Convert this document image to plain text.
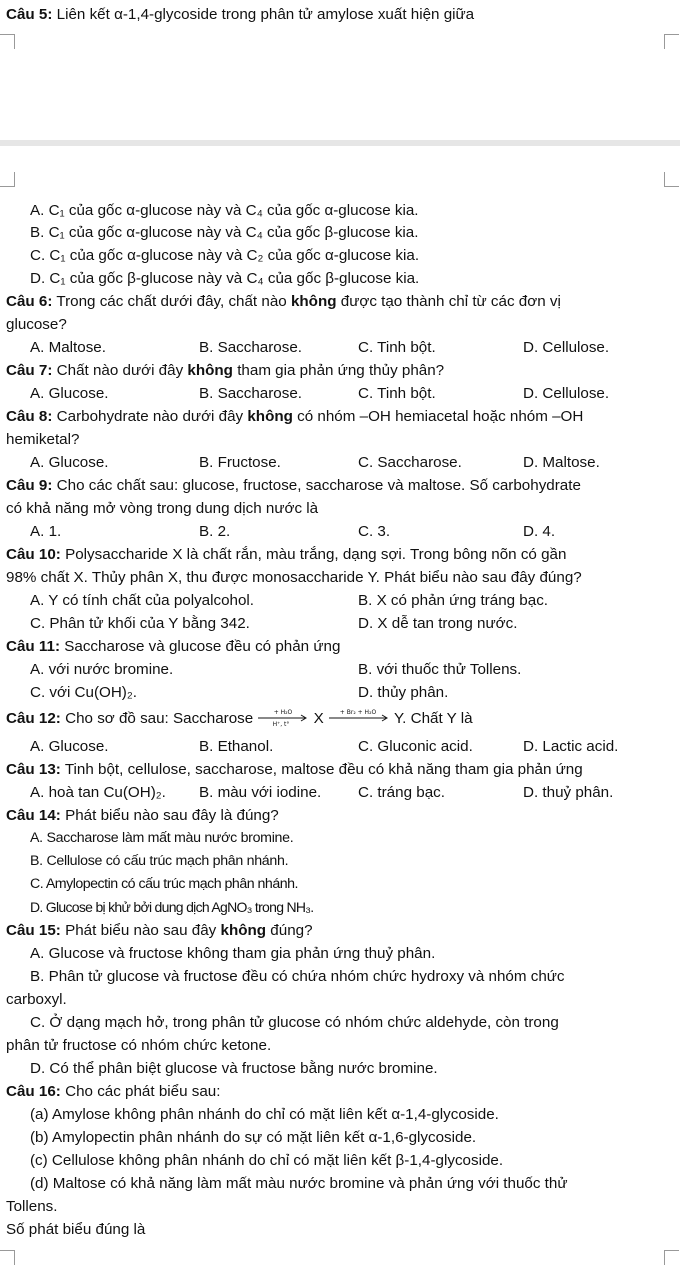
Câu 5: Liên kết α-1,4-glycoside trong phân tử amylose xuất hiện giữa
A. C₁ của gốc α-glucose này và C₄ của gốc α-glucose kia.
B. C₁ của gốc α-glucose này và C₄ của gốc β-glucose kia.
C. C₁ của gốc α-glucose này và C₂ của gốc α-glucose kia.
D. C₁ của gốc β-glucose này và C₄ của gốc β-glucose kia.
Câu 6: Trong các chất dưới đây, chất nào không được tạo thành chỉ từ các đơn vị
glucose?
A. Maltose.	B. Saccharose.	C. Tinh bột.	D. Cellulose.
Câu 7: Chất nào dưới đây không tham gia phản ứng thủy phân?
A. Glucose.	B. Saccharose.	C. Tinh bột.	D. Cellulose.
Câu 8: Carbohydrate nào dưới đây không có nhóm –OH hemiacetal hoặc nhóm –OH
hemiketal?
A. Glucose.	B. Fructose.	C. Saccharose.	D. Maltose.
Câu 9: Cho các chất sau: glucose, fructose, saccharose và maltose. Số carbohydrate
có khả năng mở vòng trong dung dịch nước là
A. 1.	B. 2.	C. 3.	D. 4.
Câu 10: Polysaccharide X là chất rắn, màu trắng, dạng sợi. Trong bông nõn có gần
98% chất X. Thủy phân X, thu được monosaccharide Y. Phát biểu nào sau đây đúng?
A. Y có tính chất của polyalcohol.	B. X có phản ứng tráng bạc.
C. Phân tử khối của Y bằng 342.	D. X dễ tan trong nước.
Câu 11: Saccharose và glucose đều có phản ứng
A. với nước bromine.	B. với thuốc thử Tollens.
C. với Cu(OH)₂.	D. thủy phân.
Câu 12: Cho sơ đồ sau: Saccharose	+ H₂O
H⁺, t° X	+ Br₂ + H₂O Y. Chất Y là
A. Glucose.	B. Ethanol.	C. Gluconic acid.	D. Lactic acid.
Câu 13: Tinh bột, cellulose, saccharose, maltose đều có khả năng tham gia phản ứng
A. hoà tan Cu(OH)₂. B. màu với iodine. C. tráng bạc.	D. thuỷ phân.
Câu 14: Phát biểu nào sau đây là đúng?
A. Saccharose làm mất màu nước bromine.
B. Cellulose có cấu trúc mạch phân nhánh.
C. Amylopectin có cấu trúc mạch phân nhánh.
D. Glucose bị khử bởi dung dịch AgNO₃ trong NH₃.
Câu 15: Phát biểu nào sau đây không đúng?
A. Glucose và fructose không tham gia phản ứng thuỷ phân.
B. Phân tử glucose và fructose đều có chứa nhóm chức hydroxy và nhóm chức
carboxyl.
C. Ở dạng mạch hở, trong phân tử glucose có nhóm chức aldehyde, còn trong
phân tử fructose có nhóm chức ketone.
D. Có thể phân biệt glucose và fructose bằng nước bromine.
Câu 16: Cho các phát biểu sau:
(a) Amylose không phân nhánh do chỉ có mặt liên kết α-1,4-glycoside.
(b) Amylopectin phân nhánh do sự có mặt liên kết α-1,6-glycoside.
(c) Cellulose không phân nhánh do chỉ có mặt liên kết β-1,4-glycoside.
(d) Maltose có khả năng làm mất màu nước bromine và phản ứng với thuốc thử
Tollens.
Số phát biểu đúng là
